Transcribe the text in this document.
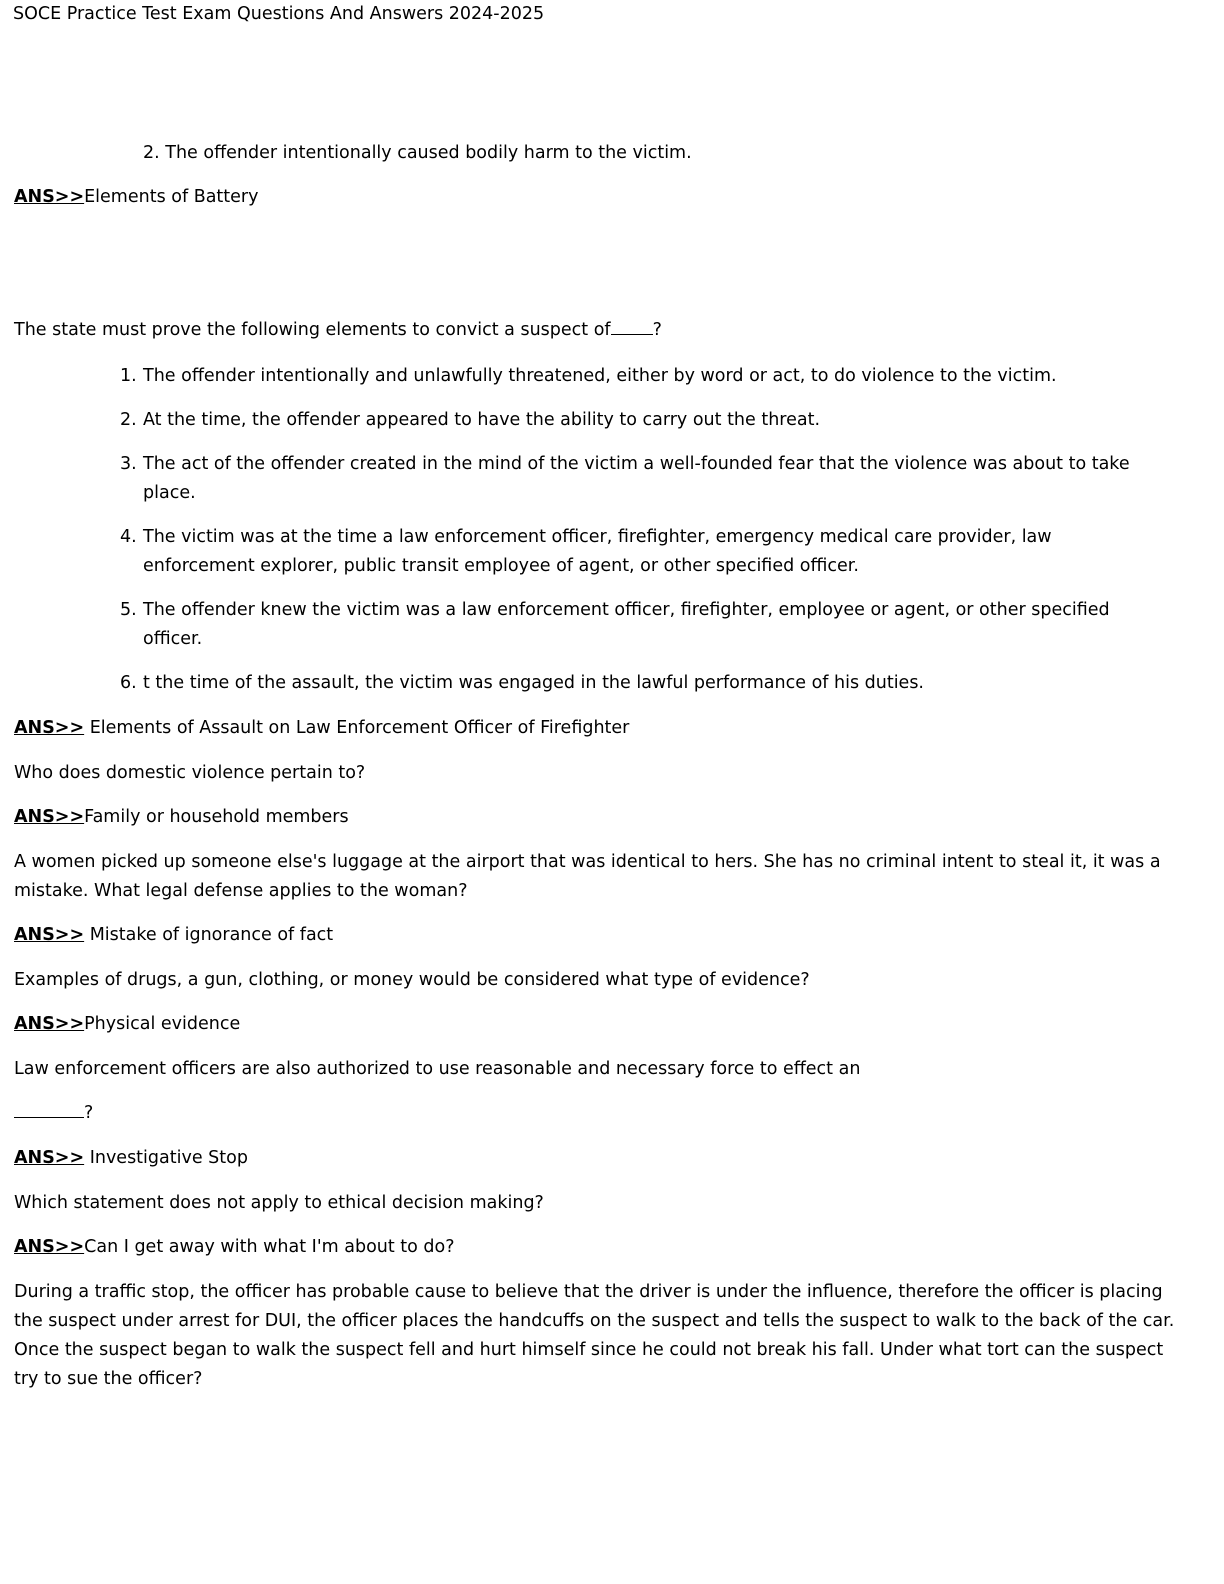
SOCE Practice Test Exam Questions And Answers 2024-2025
2. The offender intentionally caused bodily harm to the victim.

ANS>>Elements of Battery

The state must prove the following elements to convict a suspect of ?

1. The offender intentionally and unlawfully threatened, either by word or act, to do violence to the victim.
2. At the time, the offender appeared to have the ability to carry out the threat.
3. The act of the offender created in the mind of the victim a well-founded fear that the violence was about to take place.
4. The victim was at the time a law enforcement officer, firefighter, emergency medical care provider, law enforcement explorer, public transit employee of agent, or other specified officer.
5. The offender knew the victim was a law enforcement officer, firefighter, employee or agent, or other specified officer.
6. t the time of the assault, the victim was engaged in the lawful performance of his duties.

ANS>> Elements of Assault on Law Enforcement Officer of Firefighter

Who does domestic violence pertain to?

ANS>>Family or household members

A women picked up someone else's luggage at the airport that was identical to hers. She has no criminal intent to steal it, it was a mistake. What legal defense applies to the woman?

ANS>> Mistake of ignorance of fact

Examples of drugs, a gun, clothing, or money would be considered what type of evidence?

ANS>>Physical evidence

Law enforcement officers are also authorized to use reasonable and necessary force to effect an

?

ANS>> Investigative Stop

Which statement does not apply to ethical decision making?

ANS>>Can I get away with what I'm about to do?

During a traffic stop, the officer has probable cause to believe that the driver is under the influence, therefore the officer is placing the suspect under arrest for DUI, the officer places the handcuffs on the suspect and tells the suspect to walk to the back of the car. Once the suspect began to walk the suspect fell and hurt himself since he could not break his fall. Under what tort can the suspect try to sue the officer?
